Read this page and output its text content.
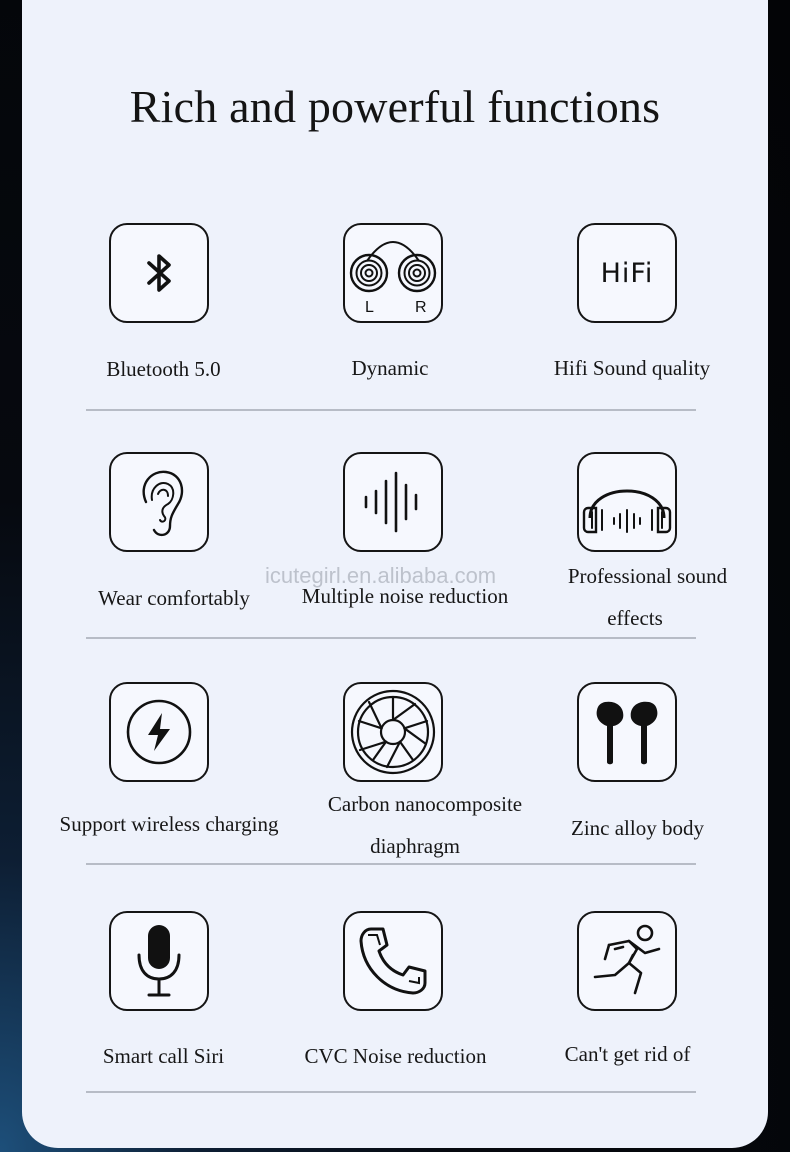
Rich and powerful functions
Bluetooth 5.0
L	R
Dynamic
HiFi
Hifi Sound quality
Wear comfortably	Multiple noise reduction
Professional sound
effects
Support wireless charging
Carbon nanocomposite
diaphragm
Zinc alloy body
Smart call Siri	CVC Noise reduction	Can't get rid of
icutegirl.en.alibaba.com
